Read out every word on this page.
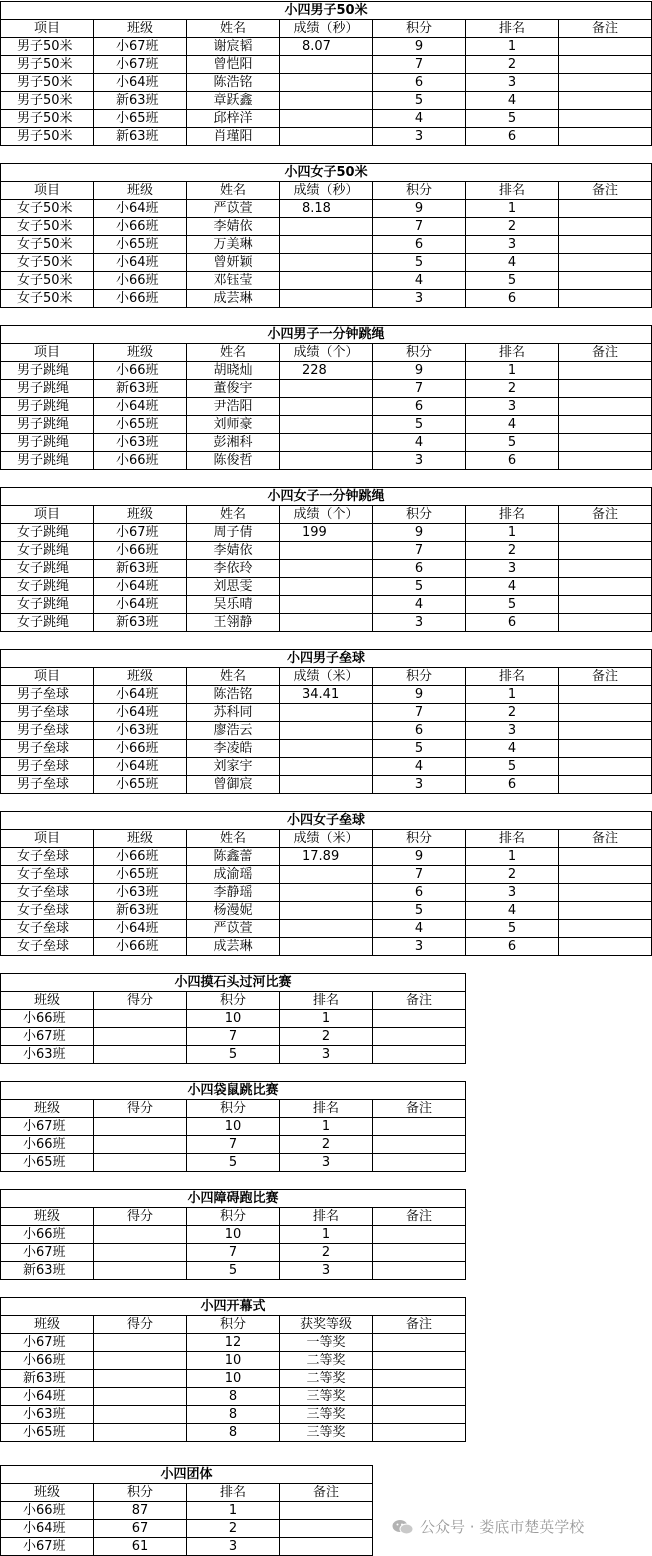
小四男子50米						
项目	班级	姓名	成绩（秒）	积分	排名	备注
男子50米	小67班	谢宸韬	8.07	9	1	
男子50米	小67班	曾恺阳		7	2	
男子50米	小64班	陈浩铭		6	3	
男子50米	新63班	章跃鑫		5	4	
男子50米	小65班	邱梓洋		4	5	
男子50米	新63班	肖瑾阳		3	6	
小四女子50米						
项目	班级	姓名	成绩（秒）	积分	排名	备注
女子50米	小64班	严苡萱	8.18	9	1	
女子50米	小66班	李婧依		7	2	
女子50米	小65班	万美琳		6	3	
女子50米	小64班	曾妍颖		5	4	
女子50米	小66班	邓钰莹		4	5	
女子50米	小66班	成芸琳		3	6	
小四男子一分钟跳绳						
项目	班级	姓名	成绩（个）	积分	排名	备注
男子跳绳	小66班	胡晓灿	228	9	1	
男子跳绳	新63班	董俊宇		7	2	
男子跳绳	小64班	尹浩阳		6	3	
男子跳绳	小65班	刘师豪		5	4	
男子跳绳	小63班	彭湘科		4	5	
男子跳绳	小66班	陈俊哲		3	6	
小四女子一分钟跳绳						
项目	班级	姓名	成绩（个）	积分	排名	备注
女子跳绳	小67班	周子倩	199	9	1	
女子跳绳	小66班	李婧依		7	2	
女子跳绳	新63班	李依玲		6	3	
女子跳绳	小64班	刘思雯		5	4	
女子跳绳	小64班	吴乐晴		4	5	
女子跳绳	新63班	王翎静		3	6	
小四男子垒球						
项目	班级	姓名	成绩（米）	积分	排名	备注
男子垒球	小64班	陈浩铭	34.41	9	1	
男子垒球	小64班	苏科同		7	2	
男子垒球	小63班	廖浩云		6	3	
男子垒球	小66班	李凌皓		5	4	
男子垒球	小64班	刘家宇		4	5	
男子垒球	小65班	曾御宸		3	6	
小四女子垒球						
项目	班级	姓名	成绩（米）	积分	排名	备注
女子垒球	小66班	陈鑫蕾	17.89	9	1	
女子垒球	小65班	成渝瑶		7	2	
女子垒球	小63班	李静瑶		6	3	
女子垒球	新63班	杨漫妮		5	4	
女子垒球	小64班	严苡萱		4	5	
女子垒球	小66班	成芸琳		3	6	
小四摸石头过河比赛				
班级	得分	积分	排名	备注
小66班		10	1	
小67班		7	2	
小63班		5	3	
小四袋鼠跳比赛				
班级	得分	积分	排名	备注
小67班		10	1	
小66班		7	2	
小65班		5	3	
小四障碍跑比赛				
班级	得分	积分	排名	备注
小66班		10	1	
小67班		7	2	
新63班		5	3	
小四开幕式				
班级	得分	积分	获奖等级	备注
小67班		12	一等奖	
小66班		10	二等奖	
新63班		10	二等奖	
小64班		8	三等奖	
小63班		8	三等奖	
小65班		8	三等奖	
小四团体			
班级	积分	排名	备注
小66班	87	1	
小64班	67	2	
小67班	61	3	
公众号 · 娄底市楚英学校
